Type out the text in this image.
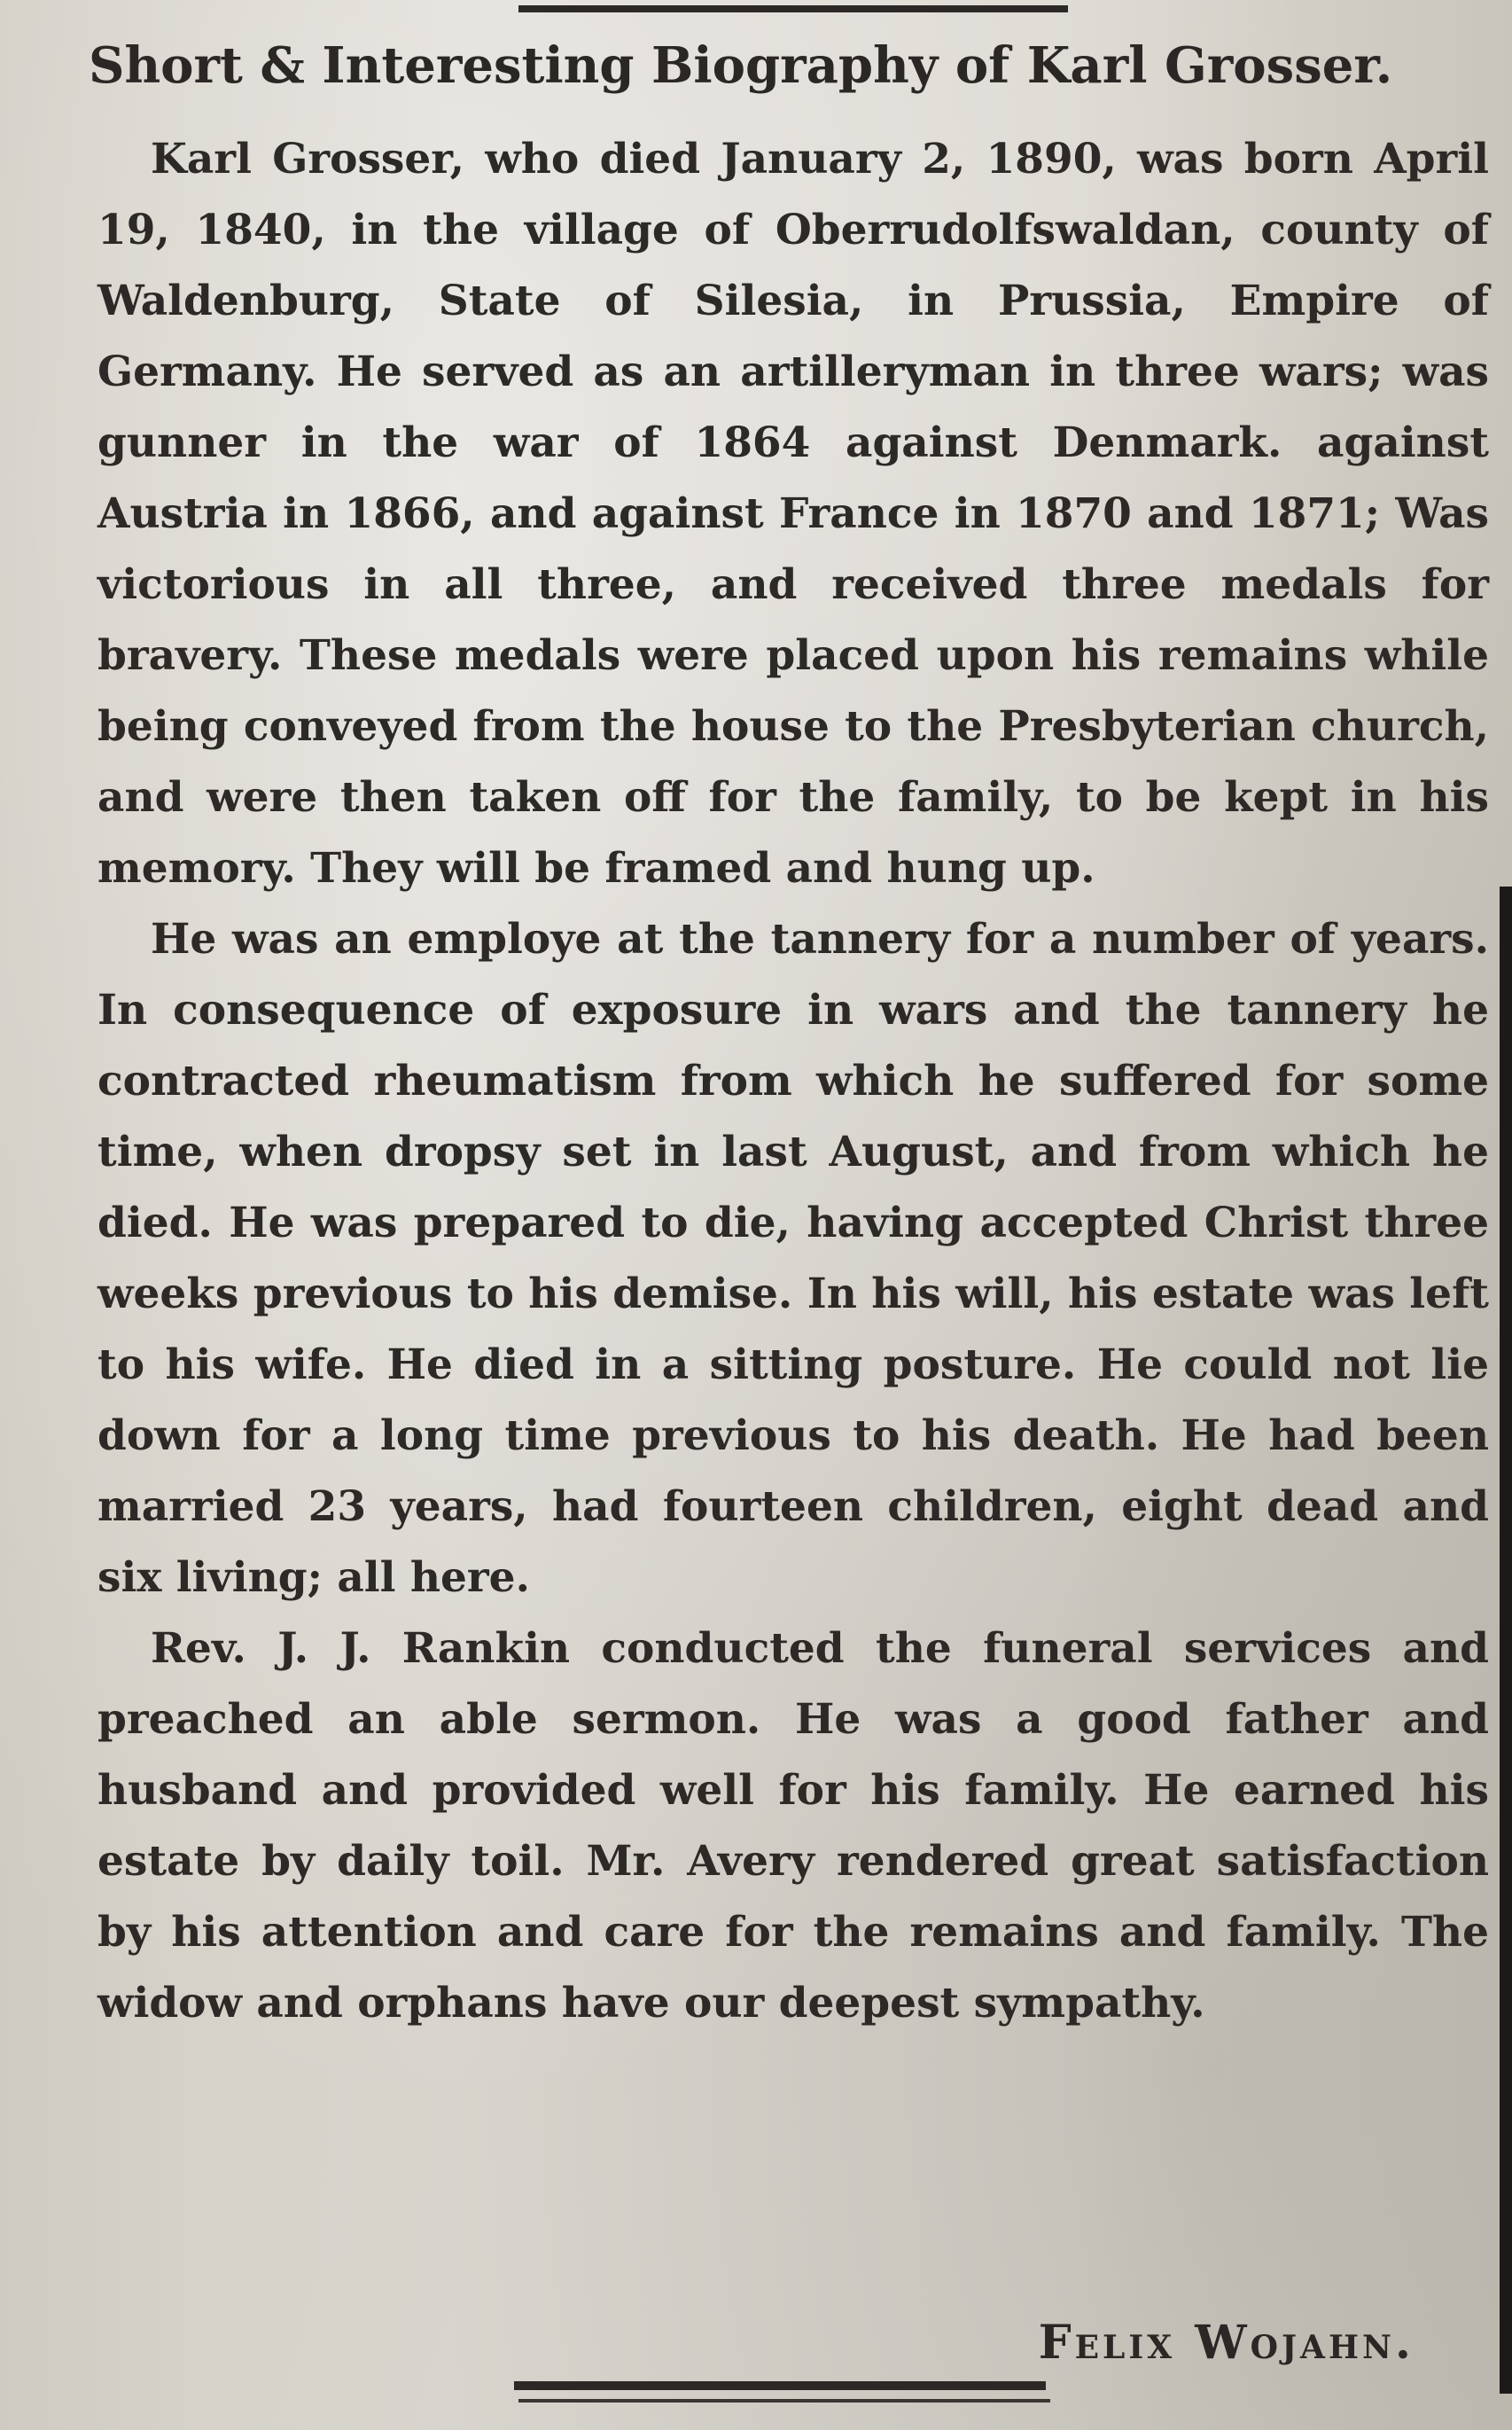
Short & Interesting Biography of Karl Grosser.

Karl Grosser, who died January 2, 1890, was born April 19, 1840, in the village of Oberrudolfswaldan, county of Waldenburg, State of Silesia, in Prussia, Empire of Germany. He served as an artilleryman in three wars; was gunner in the war of 1864 against Denmark. against Austria in 1866, and against France in 1870 and 1871; Was victorious in all three, and received three medals for bravery. These medals were placed upon his remains while being conveyed from the house to the Presbyterian church, and were then taken off for the family, to be kept in his memory. They will be framed and hung up.

He was an employe at the tannery for a number of years. In consequence of exposure in wars and the tannery he contracted rheumatism from which he suffered for some time, when dropsy set in last August, and from which he died. He was prepared to die, having accepted Christ three weeks previous to his demise. In his will, his estate was left to his wife. He died in a sitting posture. He could not lie down for a long time previous to his death. He had been married 23 years, had fourteen children, eight dead and six living; all here.

Rev. J. J. Rankin conducted the funeral services and preached an able sermon. He was a good father and husband and provided well for his family. He earned his estate by daily toil. Mr. Avery rendered great satisfaction by his attention and care for the remains and family. The widow and orphans have our deepest sympathy.

Felix Wojahn.
